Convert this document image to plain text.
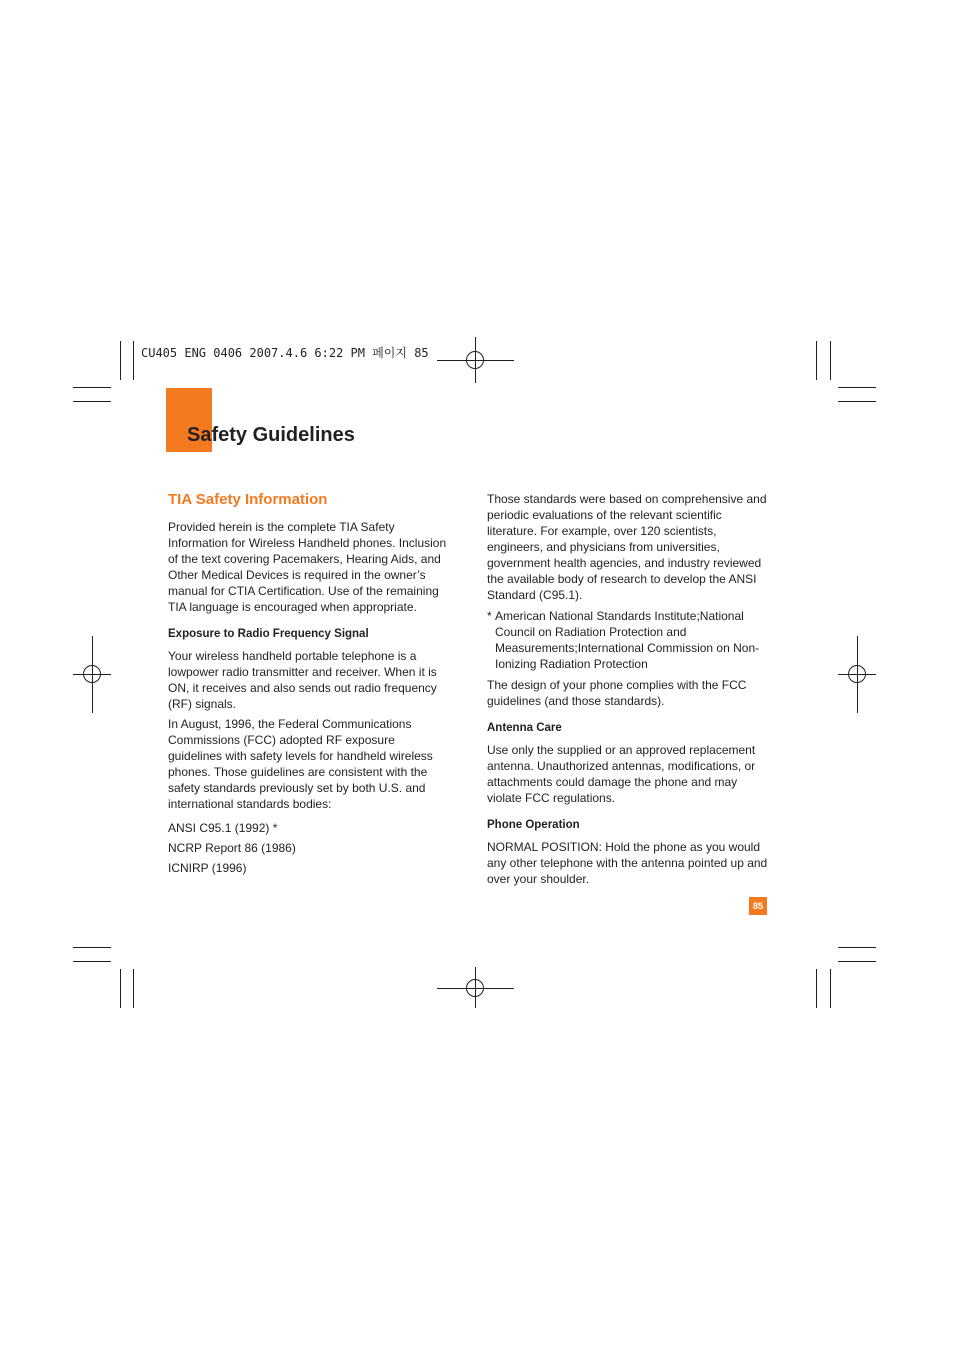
CU405 ENG 0406 2007.4.6 6:22 PM 페이지 85
Safety Guidelines
TIA Safety Information

Provided herein is the complete TIA Safety Information for Wireless Handheld phones. Inclusion of the text covering Pacemakers, Hearing Aids, and Other Medical Devices is required in the owner’s manual for CTIA Certification. Use of the remaining TIA language is encouraged when appropriate.

Exposure to Radio Frequency Signal

Your wireless handheld portable telephone is a lowpower radio transmitter and receiver. When it is ON, it receives and also sends out radio frequency (RF) signals.

In August, 1996, the Federal Communications Commissions (FCC) adopted RF exposure guidelines with safety levels for handheld wireless phones. Those guidelines are consistent with the safety standards previously set by both U.S. and international standards bodies:

ANSI C95.1 (1992) *

NCRP Report 86 (1986)

ICNIRP (1996)

Those standards were based on comprehensive and periodic evaluations of the relevant scientific literature. For example, over 120 scientists, engineers, and physicians from universities, government health agencies, and industry reviewed the available body of research to develop the ANSI Standard (C95.1).

* American National Standards Institute;National Council on Radiation Protection and Measurements;International Commission on Non-Ionizing Radiation Protection

The design of your phone complies with the FCC guidelines (and those standards).

Antenna Care

Use only the supplied or an approved replacement antenna. Unauthorized antennas, modifications, or attachments could damage the phone and may violate FCC regulations.

Phone Operation

NORMAL POSITION: Hold the phone as you would any other telephone with the antenna pointed up and over your shoulder.

85
